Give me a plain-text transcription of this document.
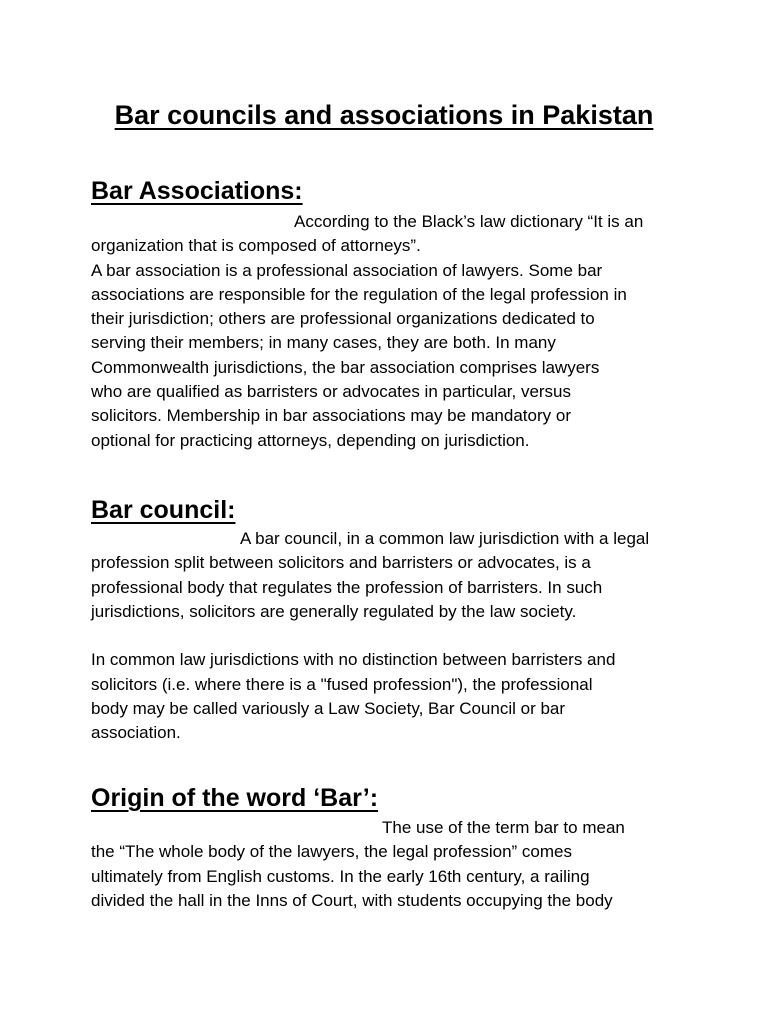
Bar councils and associations in Pakistan
Bar Associations:

According to the Black’s law dictionary “It is an

organization that is composed of attorneys”.

A bar association is a professional association of lawyers. Some bar

associations are responsible for the regulation of the legal profession in

their jurisdiction; others are professional organizations dedicated to

serving their members; in many cases, they are both. In many

Commonwealth jurisdictions, the bar association comprises lawyers

who are qualified as barristers or advocates in particular, versus

solicitors. Membership in bar associations may be mandatory or

optional for practicing attorneys, depending on jurisdiction.

Bar council:

A bar council, in a common law jurisdiction with a legal

profession split between solicitors and barristers or advocates, is a

professional body that regulates the profession of barristers. In such

jurisdictions, solicitors are generally regulated by the law society.

In common law jurisdictions with no distinction between barristers and

solicitors (i.e. where there is a "fused profession"), the professional

body may be called variously a Law Society, Bar Council or bar

association.

Origin of the word ‘Bar’:

The use of the term bar to mean

the “The whole body of the lawyers, the legal profession” comes

ultimately from English customs. In the early 16th century, a railing

divided the hall in the Inns of Court, with students occupying the body
